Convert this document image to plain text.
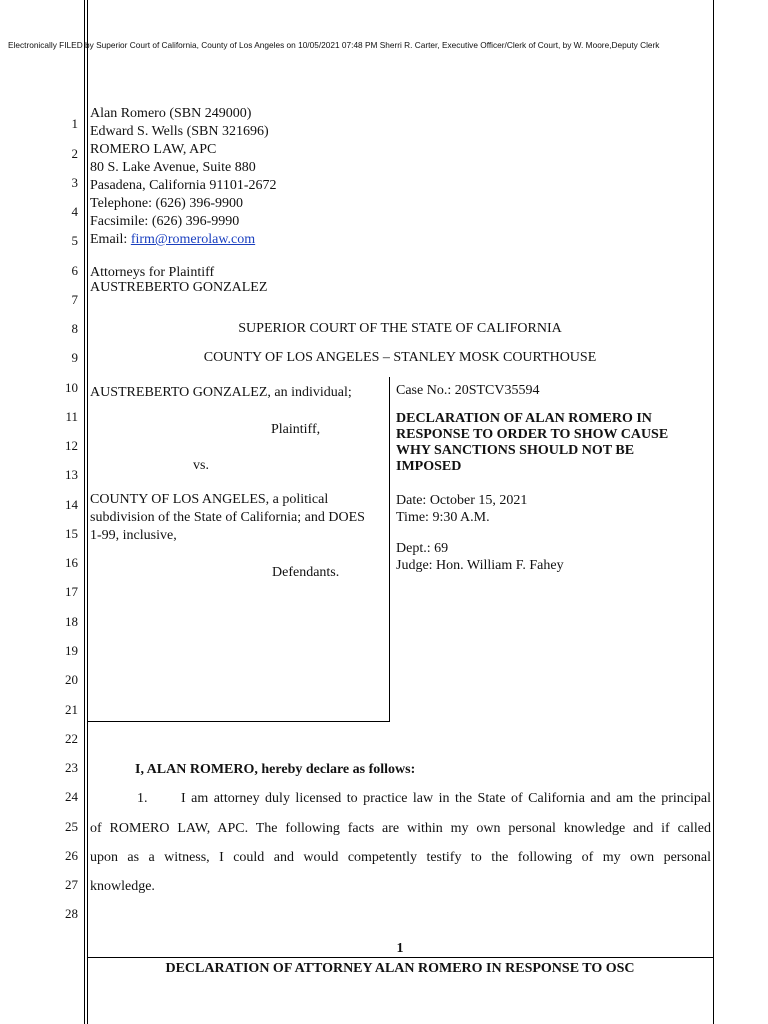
Electronically FILED by Superior Court of California, County of Los Angeles on 10/05/2021 07:48 PM Sherri R. Carter, Executive Officer/Clerk of Court, by W. Moore,Deputy Clerk
1
2
3
4
5
6
7
8
9
10
11
12
13
14
15
16
17
18
19
20
21
22
23
24
25
26
27
28
Alan Romero (SBN 249000)
Edward S. Wells (SBN 321696)
ROMERO LAW, APC
80 S. Lake Avenue, Suite 880
Pasadena, California 91101-2672
Telephone: (626) 396-9900
Facsimile: (626) 396-9990
Email: firm@romerolaw.com
Attorneys for Plaintiff
AUSTREBERTO GONZALEZ
SUPERIOR COURT OF THE STATE OF CALIFORNIA
COUNTY OF LOS ANGELES – STANLEY MOSK COURTHOUSE
AUSTREBERTO GONZALEZ, an individual;
Plaintiff,
vs.
COUNTY OF LOS ANGELES, a political
subdivision of the State of California; and DOES
1-99, inclusive,
Defendants.
Case No.: 20STCV35594
DECLARATION OF ALAN ROMERO IN
RESPONSE TO ORDER TO SHOW CAUSE
WHY SANCTIONS SHOULD NOT BE
IMPOSED
Date: October 15, 2021
Time: 9:30 A.M.
Dept.: 69
Judge: Hon. William F. Fahey
I, ALAN ROMERO, hereby declare as follows:
1. I am attorney duly licensed to practice law in the State of California and am the principal
of ROMERO LAW, APC. The following facts are within my own personal knowledge and if called
upon as a witness, I could and would competently testify to the following of my own personal
knowledge.
1
DECLARATION OF ATTORNEY ALAN ROMERO IN RESPONSE TO OSC
